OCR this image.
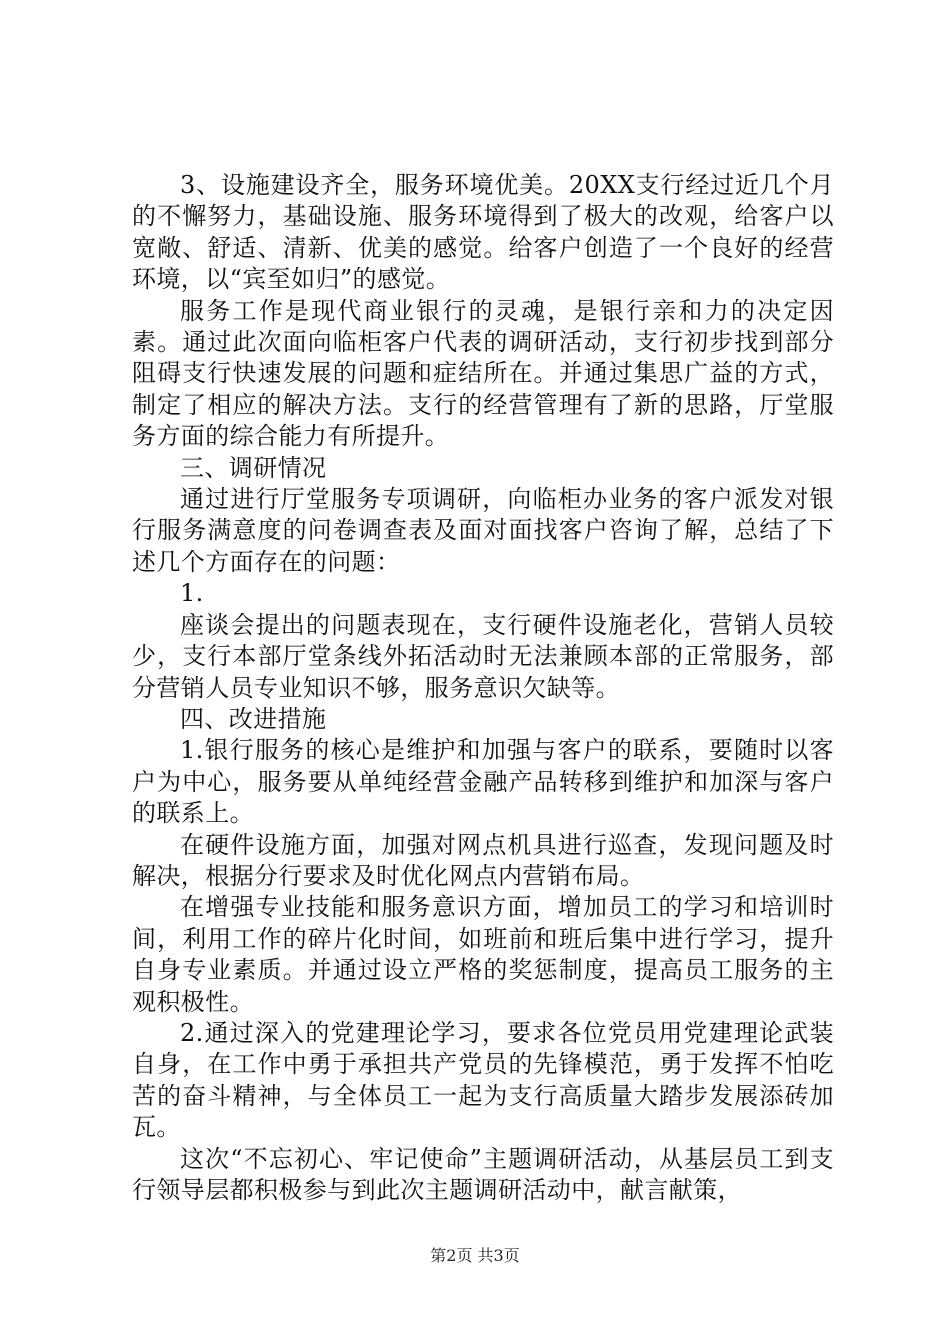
3、设施建设齐全，服务环境优美。20XX支行经过近几个月的不懈努力，基础设施、服务环境得到了极大的改观，给客户以宽敞、舒适、清新、优美的感觉。给客户创造了一个良好的经营环境，以“宾至如归”的感觉。

服务工作是现代商业银行的灵魂，是银行亲和力的决定因素。通过此次面向临柜客户代表的调研活动，支行初步找到部分阻碍支行快速发展的问题和症结所在。并通过集思广益的方式，制定了相应的解决方法。支行的经营管理有了新的思路，厅堂服务方面的综合能力有所提升。

三、调研情况

通过进行厅堂服务专项调研，向临柜办业务的客户派发对银行服务满意度的问卷调查表及面对面找客户咨询了解，总结了下述几个方面存在的问题：

1.

座谈会提出的问题表现在，支行硬件设施老化，营销人员较少，支行本部厅堂条线外拓活动时无法兼顾本部的正常服务，部分营销人员专业知识不够，服务意识欠缺等。

四、改进措施

1.银行服务的核心是维护和加强与客户的联系，要随时以客户为中心，服务要从单纯经营金融产品转移到维护和加深与客户的联系上。

在硬件设施方面，加强对网点机具进行巡查，发现问题及时解决，根据分行要求及时优化网点内营销布局。

在增强专业技能和服务意识方面，增加员工的学习和培训时间，利用工作的碎片化时间，如班前和班后集中进行学习，提升自身专业素质。并通过设立严格的奖惩制度，提高员工服务的主观积极性。

2.通过深入的党建理论学习，要求各位党员用党建理论武装自身，在工作中勇于承担共产党员的先锋模范，勇于发挥不怕吃苦的奋斗精神，与全体员工一起为支行高质量大踏步发展添砖加瓦。

这次“不忘初心、牢记使命”主题调研活动，从基层员工到支行领导层都积极参与到此次主题调研活动中，献言献策，

第2页 共3页
